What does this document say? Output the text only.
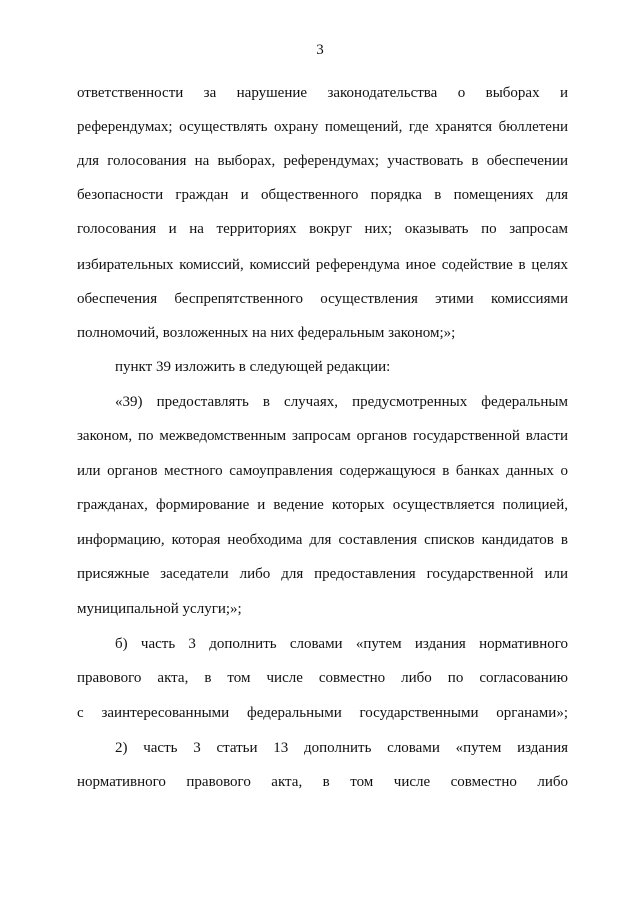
3
ответственности за нарушение законодательства о выборах и
референдумах; осуществлять охрану помещений, где хранятся бюллетени
для голосования на выборах, референдумах; участвовать в обеспечении
безопасности граждан и общественного порядка в помещениях для
голосования и на территориях вокруг них; оказывать по запросам
избирательных комиссий, комиссий референдума иное содействие в целях
обеспечения беспрепятственного осуществления этими комиссиями
полномочий, возложенных на них федеральным законом;»;
пункт 39 изложить в следующей редакции:
«39) предоставлять в случаях, предусмотренных федеральным
законом, по межведомственным запросам органов государственной власти
или органов местного самоуправления содержащуюся в банках данных о
гражданах, формирование и ведение которых осуществляется полицией,
информацию, которая необходима для составления списков кандидатов в
присяжные заседатели либо для предоставления государственной или
муниципальной услуги;»;
б) часть 3 дополнить словами «путем издания нормативного
правового акта, в том числе совместно либо по согласованию
с заинтересованными федеральными государственными органами»;
2) часть 3 статьи 13 дополнить словами «путем издания
нормативного правового акта, в том числе совместно либо
